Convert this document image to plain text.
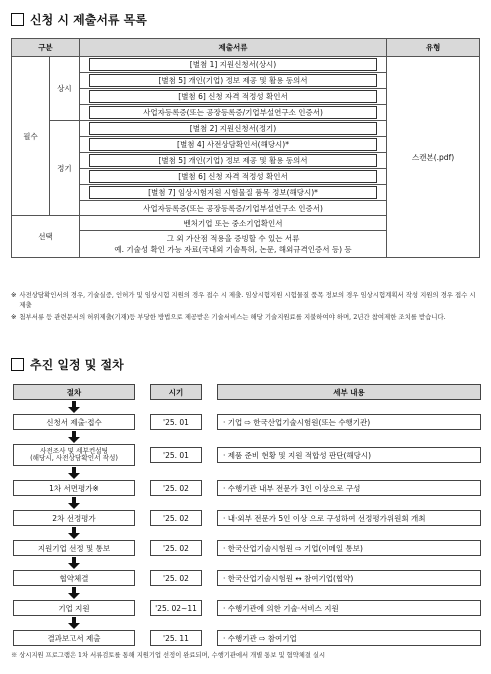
신청 시 제출서류 목록
구분		제출서류	유형
필수	상시	[별첨 1] 지원신청서(상시)	스캔본(.pdf)

		[별첨 5] 개인(기업) 정보 제공 및 활용 동의서	

		[별첨 6] 신청 자격 적정성 확인서	

		사업자등록증(또는 공장등록증/기업부설연구소 인증서)	

	정기	[별첨 2] 지원신청서(정기)	

		[별첨 4] 사전상담확인서(해당시)*	

		[별첨 5] 개인(기업) 정보 제공 및 활용 동의서	

		[별첨 6] 신청 자격 적정성 확인서	

		[별첨 7] 임상시험지원 시험물질 품목 정보(해당시)*	

		사업자등록증(또는 공장등록증/기업부설연구소 인증서)	

선택		벤처기업 또는 중소기업확인서	

		그 외 가산점 적용을 증빙할 수 있는 서류
예. 기술성 확인 가능 자료(국내외 기술특허, 논문, 해외규격인증서 등) 등	
※ 사전상담확인서의 경우, 기술실증, 인허가 및 임상시험 지원의 경우 접수 시 제출. 임상시험지원 시험물질 품목 정보의 경우 임상시험계획서 작성 지원의 경우 접수 시 제출
※ 첨부서류 등 관련문서의 허위제출(기재)등 부당한 방법으로 제공받은 기술서비스는 해당 기술지원료를 지불하여야 하며, 2년간 참여제한 조치를 받습니다.
추진 일정 및 절차
절차	시기	세부 내용
신청서 제출·접수	'25. 01	· 기업 ⇨ 한국산업기술시험원(또는 수행기관)
사전조사 및 세부컨설팅
(해당시, 사전상담확인서 작성)	'25. 01	· 제품 준비 현황 및 지원 적합성 판단(해당시)
1차 서면평가※	'25. 02	· 수행기관 내부 전문가 3인 이상으로 구성
2차 선정평가	'25. 02	· 내·외부 전문가 5인 이상 으로 구성하여 선정평가위원회 개최
지원기업 선정 및 통보	'25. 02	· 한국산업기술시험원 ⇨ 기업(이메일 통보)
협약체결	'25. 02	· 한국산업기술시험원 ↔ 참여기업(협약)
기업 지원	'25. 02~11	· 수행기관에 의한 기술·서비스 지원
결과보고서 제출	'25. 11	· 수행기관 ⇨ 참여기업
※ 상시지원 프로그램은 1차 서류검토를 통해 지원기업 선정이 완료되며, 수행기관에서 개별 통보 및 협약체결 실시
